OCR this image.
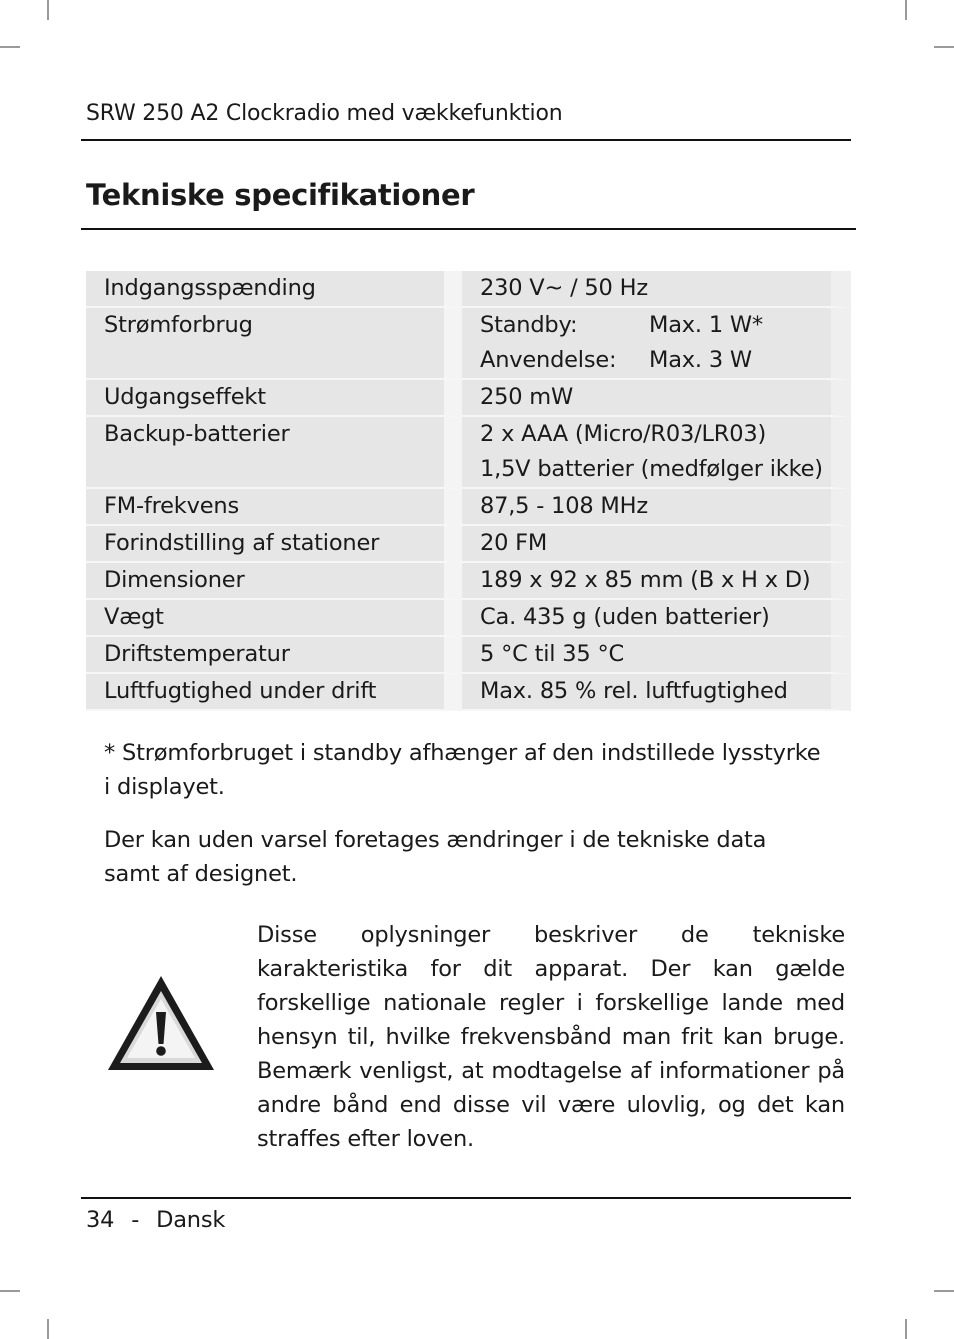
SRW 250 A2 Clockradio med vækkefunktion
Tekniske specifikationer
Indgangsspænding	230 V~ / 50 Hz

Strømforbrug	Standby: Max. 1 W*
Anvendelse: Max. 3 W

Udgangseffekt	250 mW

Backup-batterier	2 x AAA (Micro/R03/LR03)
1,5V batterier (medfølger ikke)

FM-frekvens	87,5 - 108 MHz

Forindstilling af stationer	20 FM

Dimensioner	189 x 92 x 85 mm (B x H x D)

Vægt	Ca. 435 g (uden batterier)

Driftstemperatur	5 °C til 35 °C

Luftfugtighed under drift	Max. 85 % rel. luftfugtighed

* Strømforbruget i standby afhænger af den indstillede lysstyrke i displayet.

Der kan uden varsel foretages ændringer i de tekniske data samt af designet.

Disse oplysninger beskriver de tekniske karakteristika for dit apparat. Der kan gælde forskellige nationale regler i forskellige lande med hensyn til, hvilke frekvensbånd man frit kan bruge. Bemærk venligst, at modtagelse af informationer på andre bånd end disse vil være ulovlig, og det kan straffes efter loven.

34 - Dansk
